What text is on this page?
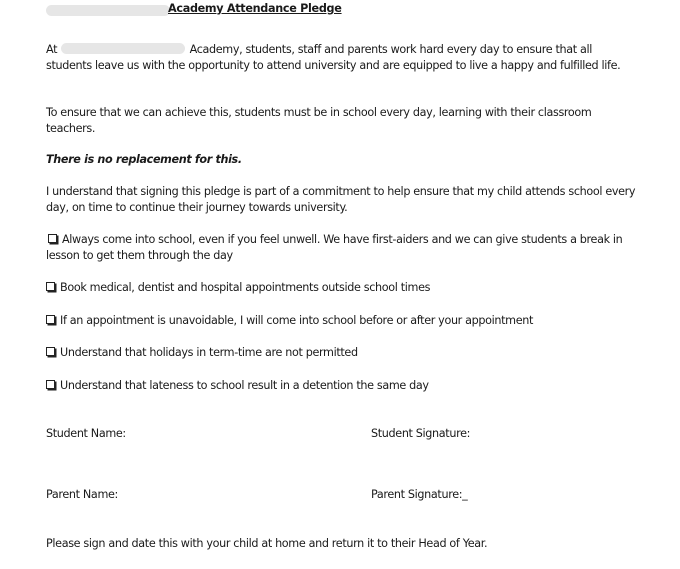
Academy Attendance Pledge
At	Academy, students, staff and parents work hard every day to ensure that all students leave us with the opportunity to attend university and are equipped to live a happy and fulfilled life.
To ensure that we can achieve this, students must be in school every day, learning with their classroom teachers.
There is no replacement for this.
I understand that signing this pledge is part of a commitment to help ensure that my child attends school every day, on time to continue their journey towards university.
Always come into school, even if you feel unwell. We have first-aiders and we can give students a break in lesson to get them through the day
Book medical, dentist and hospital appointments outside school times
If an appointment is unavoidable, I will come into school before or after your appointment
Understand that holidays in term-time are not permitted
Understand that lateness to school result in a detention the same day
Student Name:	Student Signature:
Parent Name:	Parent Signature:_
Please sign and date this with your child at home and return it to their Head of Year.
